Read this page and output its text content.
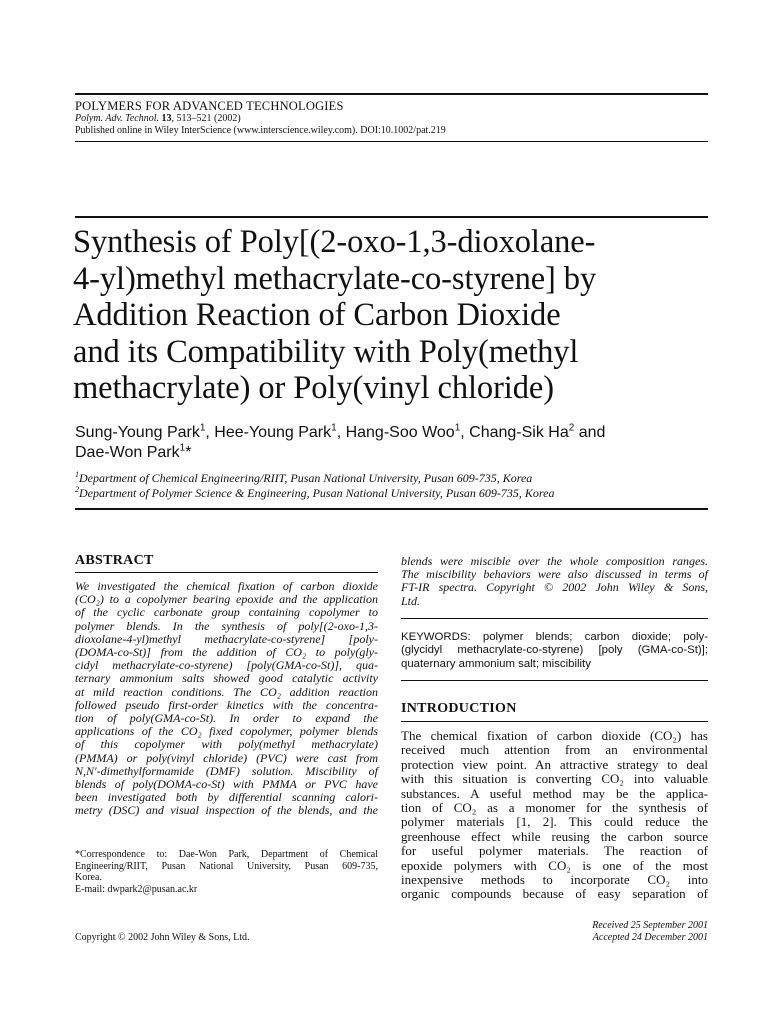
POLYMERS FOR ADVANCED TECHNOLOGIES
Polym. Adv. Technol. 13, 513–521 (2002)
Published online in Wiley InterScience (www.interscience.wiley.com). DOI:10.1002/pat.219
Synthesis of Poly[(2-oxo-1,3-dioxolane-
4-yl)methyl methacrylate-co-styrene] by
Addition Reaction of Carbon Dioxide
and its Compatibility with Poly(methyl
methacrylate) or Poly(vinyl chloride)
Sung-Young Park$^1$, Hee-Young Park$^1$, Hang-Soo Woo$^1$, Chang-Sik Ha$^2$ and
Dae-Won Park$^1$*
$^1$Department of Chemical Engineering/RIIT, Pusan National University, Pusan 609-735, Korea
$^2$Department of Polymer Science & Engineering, Pusan National University, Pusan 609-735, Korea
ABSTRACT
We investigated the chemical fixation of carbon dioxide
(CO₂) to a copolymer bearing epoxide and the application
of the cyclic carbonate group containing copolymer to
polymer blends. In the synthesis of poly[(2-oxo-1,3-
dioxolane-4-yl)methyl methacrylate-co-styrene] [poly-
(DOMA-co-St)] from the addition of CO₂ to poly(gly-
cidyl methacrylate-co-styrene) [poly(GMA-co-St)], qua-
ternary ammonium salts showed good catalytic activity
at mild reaction conditions. The CO₂ addition reaction
followed pseudo first-order kinetics with the concentra-
tion of poly(GMA-co-St). In order to expand the
applications of the CO₂ fixed copolymer, polymer blends
of this copolymer with poly(methyl methacrylate)
(PMMA) or poly(vinyl chloride) (PVC) were cast from
N,N′-dimethylformamide (DMF) solution. Miscibility of
blends of poly(DOMA-co-St) with PMMA or PVC have
been investigated both by differential scanning calori-
metry (DSC) and visual inspection of the blends, and the
*Correspondence to: Dae-Won Park, Department of Chemical
Engineering/RIIT, Pusan National University, Pusan 609-735,
Korea.
E-mail: dwpark2@pusan.ac.kr
blends were miscible over the whole composition ranges.
The miscibility behaviors were also discussed in terms of
FT-IR spectra. Copyright © 2002 John Wiley & Sons,
Ltd.
KEYWORDS: polymer blends; carbon dioxide; poly-
(glycidyl methacrylate-co-styrene) [poly (GMA-co-St)];
quaternary ammonium salt; miscibility
INTRODUCTION
The chemical fixation of carbon dioxide (CO₂) has
received much attention from an environmental
protection view point. An attractive strategy to deal
with this situation is converting CO₂ into valuable
substances. A useful method may be the applica-
tion of CO₂ as a monomer for the synthesis of
polymer materials [1, 2]. This could reduce the
greenhouse effect while reusing the carbon source
for useful polymer materials. The reaction of
epoxide polymers with CO₂ is one of the most
inexpensive methods to incorporate CO₂ into
organic compounds because of easy separation of
Copyright © 2002 John Wiley & Sons, Ltd.
Received 25 September 2001
Accepted 24 December 2001
